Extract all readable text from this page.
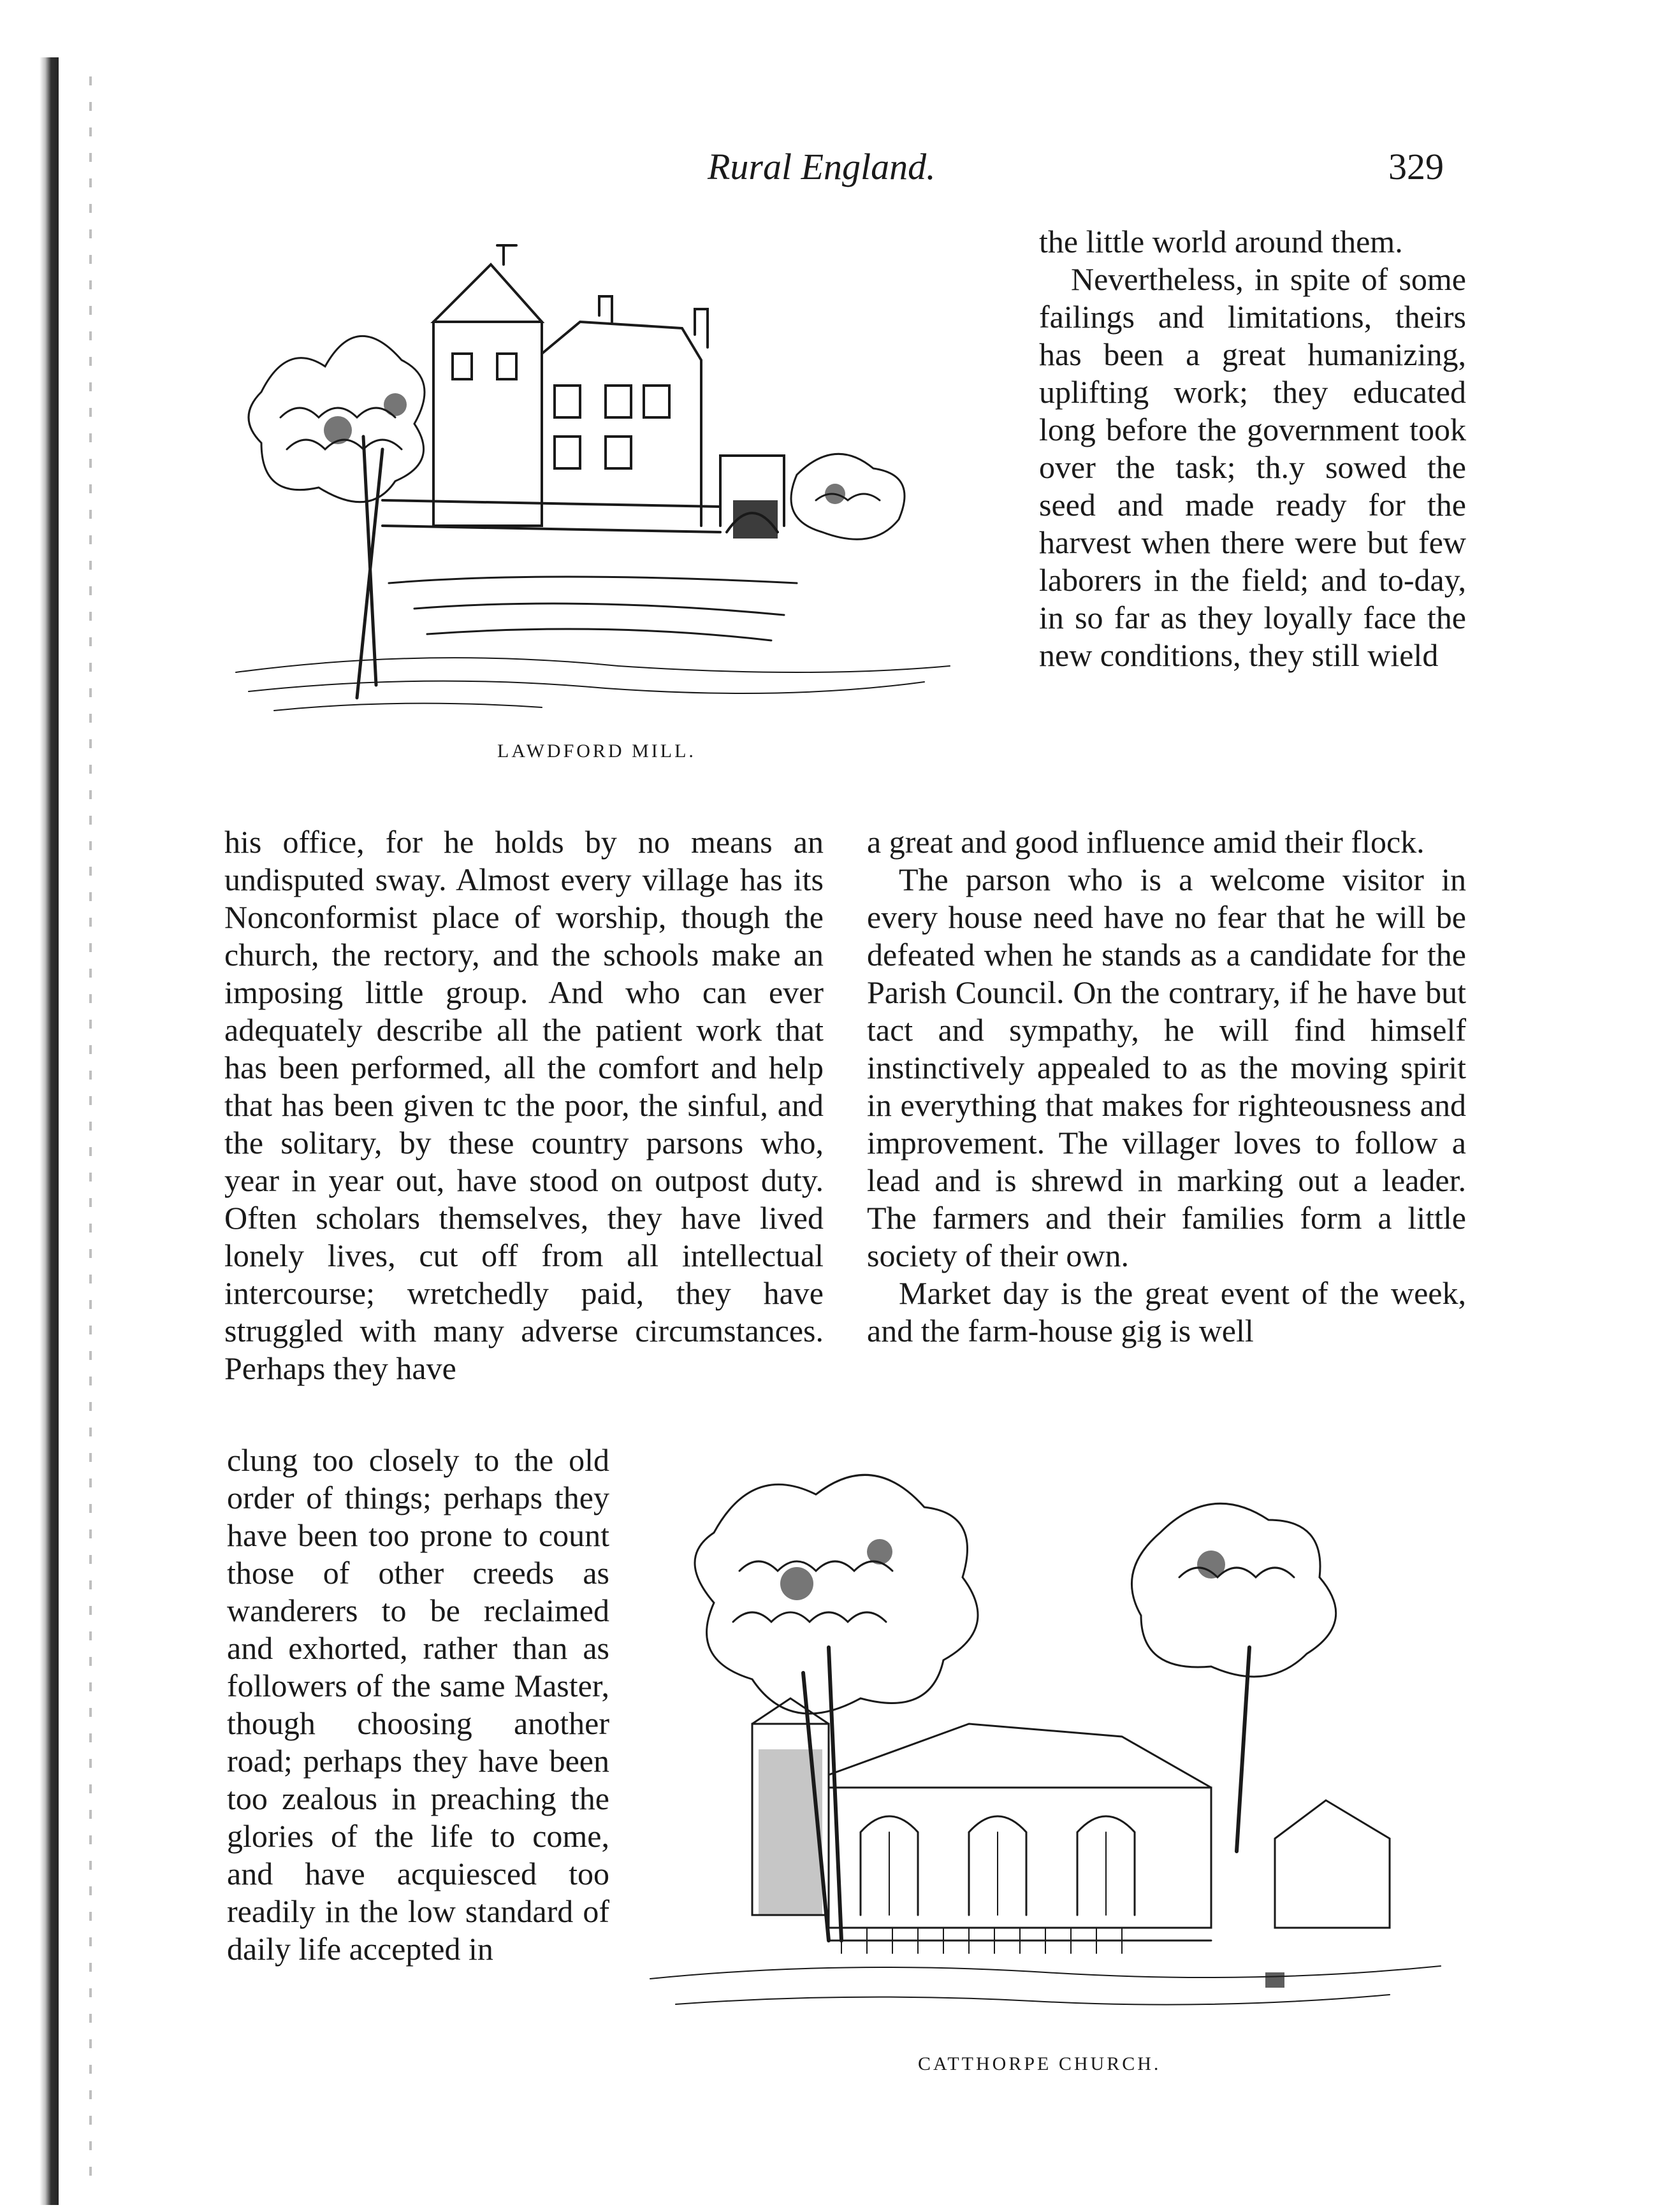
Rural England.	329
LAWDFORD MILL.

the little world around them.

Nevertheless, in spite of some failings and limitations, theirs has been a great humanizing, uplifting work; they educated long before the government took over the task; th.y sowed the seed and made ready for the harvest when there were but few laborers in the field; and to-day, in so far as they loyally face the new conditions, they still wield

his office, for he holds by no means an undisputed sway. Almost every village has its Nonconformist place of worship, though the church, the rectory, and the schools make an imposing little group. And who can ever adequately describe all the patient work that has been performed, all the comfort and help that has been given tc the poor, the sinful, and the solitary, by these country parsons who, year in year out, have stood on outpost duty. Often scholars themselves, they have lived lonely lives, cut off from all intellectual intercourse; wretchedly paid, they have struggled with many adverse circumstances. Perhaps they have

a great and good influence amid their flock.

The parson who is a welcome visitor in every house need have no fear that he will be defeated when he stands as a candidate for the Parish Council. On the contrary, if he have but tact and sympathy, he will find himself instinctively appealed to as the moving spirit in everything that makes for righteousness and improvement. The villager loves to follow a lead and is shrewd in marking out a leader. The farmers and their families form a little society of their own.

Market day is the great event of the week, and the farm-house gig is well

clung too closely to the old order of things; perhaps they have been too prone to count those of other creeds as wanderers to be reclaimed and exhorted, rather than as followers of the same Master, though choosing another road; perhaps they have been too zealous in preaching the glories of the life to come, and have acquiesced too readily in the low standard of daily life accepted in

CATTHORPE CHURCH.
